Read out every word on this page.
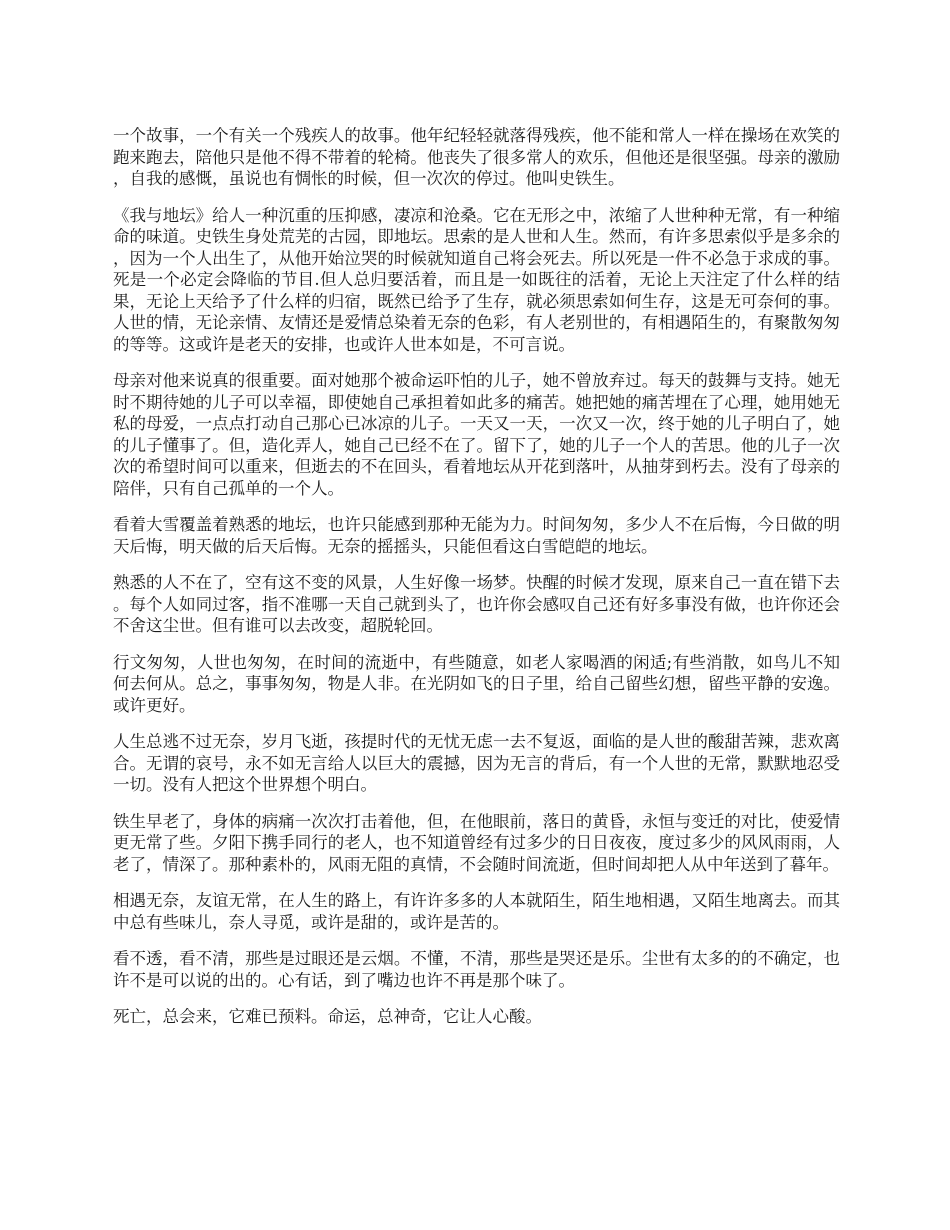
一个故事，一个有关一个残疾人的故事。他年纪轻轻就落得残疾，他不能和常人一样在操场在欢笑的跑来跑去，陪他只是他不得不带着的轮椅。他丧失了很多常人的欢乐，但他还是很坚强。母亲的激励，自我的感慨，虽说也有惆怅的时候，但一次次的停过。他叫史铁生。

《我与地坛》给人一种沉重的压抑感，凄凉和沧桑。它在无形之中，浓缩了人世种种无常，有一种缩命的味道。史铁生身处荒芜的古园，即地坛。思索的是人世和人生。然而，有许多思索似乎是多余的，因为一个人出生了，从他开始泣哭的时候就知道自己将会死去。所以死是一件不必急于求成的事。死是一个必定会降临的节目.但人总归要活着，而且是一如既往的活着，无论上天注定了什么样的结果，无论上天给予了什么样的归宿，既然已给予了生存，就必须思索如何生存，这是无可奈何的事。人世的情，无论亲情、友情还是爱情总染着无奈的色彩，有人老别世的，有相遇陌生的，有聚散匆匆的等等。这或许是老天的安排，也或许人世本如是，不可言说。

母亲对他来说真的很重要。面对她那个被命运吓怕的儿子，她不曾放弃过。每天的鼓舞与支持。她无时不期待她的儿子可以幸福，即使她自己承担着如此多的痛苦。她把她的痛苦埋在了心理，她用她无私的母爱，一点点打动自己那心已冰凉的儿子。一天又一天，一次又一次，终于她的儿子明白了，她的儿子懂事了。但，造化弄人，她自己已经不在了。留下了，她的儿子一个人的苦思。他的儿子一次次的希望时间可以重来，但逝去的不在回头，看着地坛从开花到落叶，从抽芽到朽去。没有了母亲的陪伴，只有自己孤单的一个人。

看着大雪覆盖着熟悉的地坛，也许只能感到那种无能为力。时间匆匆，多少人不在后悔，今日做的明天后悔，明天做的后天后悔。无奈的摇摇头，只能但看这白雪皑皑的地坛。

熟悉的人不在了，空有这不变的风景，人生好像一场梦。快醒的时候才发现，原来自己一直在错下去。每个人如同过客，指不准哪一天自己就到头了，也许你会感叹自己还有好多事没有做，也许你还会不舍这尘世。但有谁可以去改变，超脱轮回。

行文匆匆，人世也匆匆，在时间的流逝中，有些随意，如老人家喝酒的闲适;有些消散，如鸟儿不知何去何从。总之，事事匆匆，物是人非。在光阴如飞的日子里，给自己留些幻想，留些平静的安逸。或许更好。

人生总逃不过无奈，岁月飞逝，孩提时代的无忧无虑一去不复返，面临的是人世的酸甜苦辣，悲欢离合。无谓的哀号，永不如无言给人以巨大的震撼，因为无言的背后，有一个人世的无常，默默地忍受一切。没有人把这个世界想个明白。

铁生早老了，身体的病痛一次次打击着他，但，在他眼前，落日的黄昏，永恒与变迁的对比，使爱情更无常了些。夕阳下携手同行的老人，也不知道曾经有过多少的日日夜夜，度过多少的风风雨雨，人老了，情深了。那种素朴的，风雨无阻的真情，不会随时间流逝，但时间却把人从中年送到了暮年。

相遇无奈，友谊无常，在人生的路上，有许许多多的人本就陌生，陌生地相遇，又陌生地离去。而其中总有些味儿，奈人寻觅，或许是甜的，或许是苦的。

看不透，看不清，那些是过眼还是云烟。不懂，不清，那些是哭还是乐。尘世有太多的的不确定，也许不是可以说的出的。心有话，到了嘴边也许不再是那个味了。

死亡，总会来，它难已预料。命运，总神奇，它让人心酸。
